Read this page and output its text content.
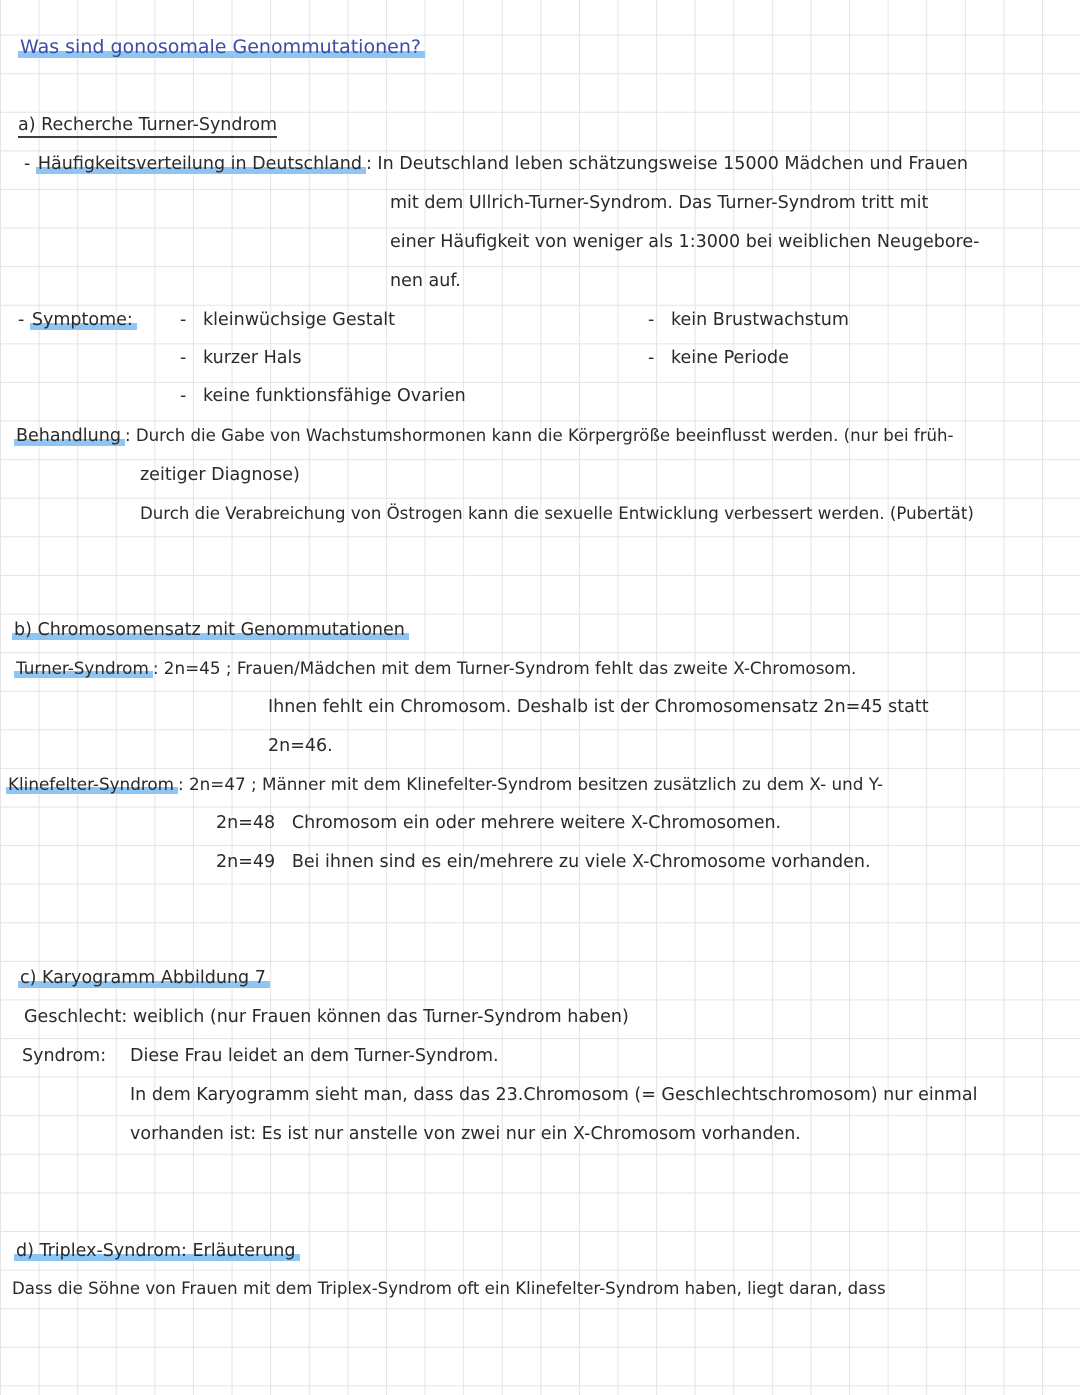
Was sind gonosomale Genommutationen?
a) Recherche Turner-Syndrom
- Häufigkeitsverteilung in Deutschland : In Deutschland leben schätzungsweise 15000 Mädchen und Frauen
mit dem Ullrich-Turner-Syndrom. Das Turner-Syndrom tritt mit
einer Häufigkeit von weniger als 1:3000 bei weiblichen Neugebore-
nen auf.
- Symptome:	-   kleinwüchsige Gestalt
-   kurzer Hals
-   keine funktionsfähige Ovarien
-   kein Brustwachstum
-   keine Periode
Behandlung : Durch die Gabe von Wachstumshormonen kann die Körpergröße beeinflusst werden. (nur bei früh-
zeitiger Diagnose)
Durch die Verabreichung von Östrogen kann die sexuelle Entwicklung verbessert werden. (Pubertät)
b) Chromosomensatz mit Genommutationen
Turner-Syndrom : 2n=45 ; Frauen/Mädchen mit dem Turner-Syndrom fehlt das zweite X-Chromosom.
Ihnen fehlt ein Chromosom. Deshalb ist der Chromosomensatz 2n=45 statt
2n=46.
Klinefelter-Syndrom : 2n=47 ; Männer mit dem Klinefelter-Syndrom besitzen zusätzlich zu dem X- und Y-
2n=48   Chromosom ein oder mehrere weitere X-Chromosomen.
2n=49   Bei ihnen sind es ein/mehrere zu viele X-Chromosome vorhanden.
c) Karyogramm Abbildung 7
Geschlecht: weiblich (nur Frauen können das Turner-Syndrom haben)
Syndrom: Diese Frau leidet an dem Turner-Syndrom.
In dem Karyogramm sieht man, dass das 23.Chromosom (= Geschlechtschromosom) nur einmal
vorhanden ist: Es ist nur anstelle von zwei nur ein X-Chromosom vorhanden.
d) Triplex-Syndrom: Erläuterung
Dass die Söhne von Frauen mit dem Triplex-Syndrom oft ein Klinefelter-Syndrom haben, liegt daran, dass
